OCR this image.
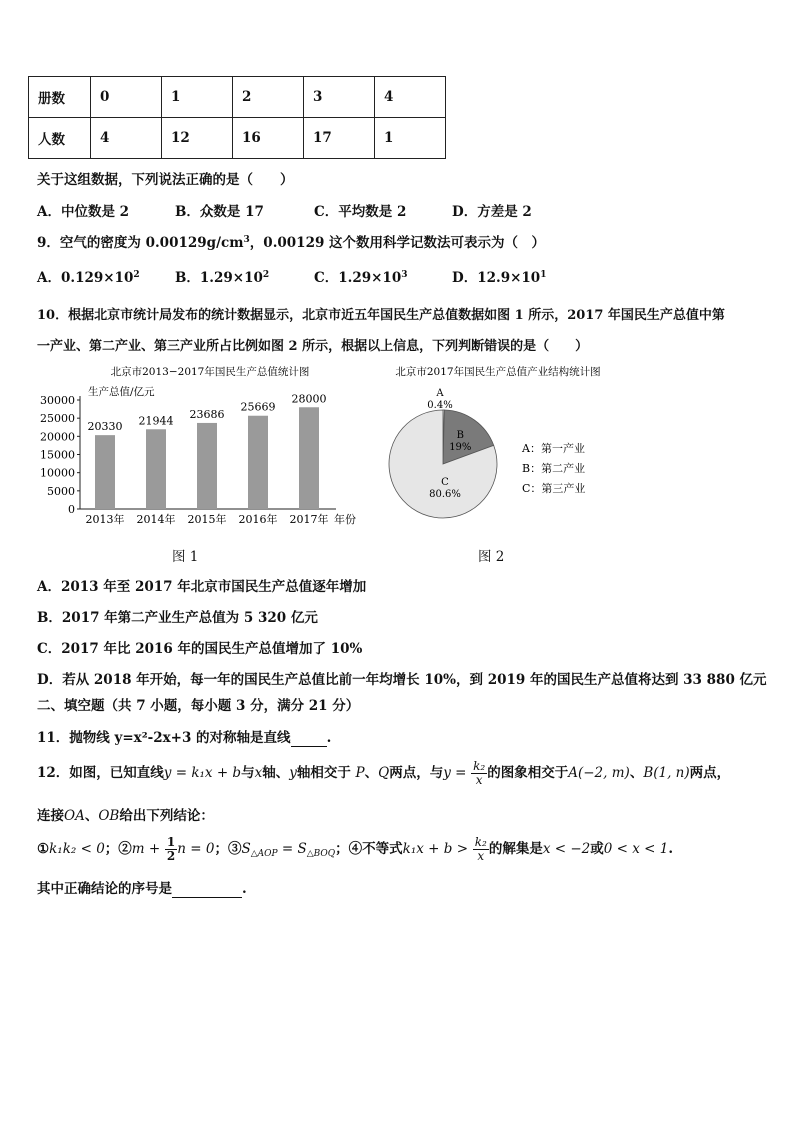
册数	0	1	2	3	4
人数	4	12	16	17	1
关于这组数据，下列说法正确的是（　　）
A．中位数是 2	B．众数是 17	C．平均数是 2	D．方差是 2
9．空气的密度为 $0.00129g/cm^3$，0.00129 这个数用科学记数法可表示为（　）
A．$0.129\times 10^2$	B．$1.29\times 10^2$	C．$1.29\times 10^3$	D．$12.9\times 10^1$
10．根据北京市统计局发布的统计数据显示，北京市近五年国民生产总值数据如图 1 所示，2017 年国民生产总值中第
一产业、第二产业、第三产业所占比例如图 2 所示，根据以上信息，下列判断错误的是（　　）
北京市2013−2017年国民生产总值统计图
生产总值/亿元
0
5000
10000
15000
20000
25000
30000
20330
2013年
21944
2014年
23686
2015年
25669
2016年
28000
2017年 年份
图 1
北京市2017年国民生产总值产业结构统计图
A
0.4%
B
19%
C
80.6%
A：第一产业
B：第二产业
C：第三产业
图 2
A．2013 年至 2017 年北京市国民生产总值逐年增加
B．2017 年第二产业生产总值为 5 320 亿元
C．2017 年比 2016 年的国民生产总值增加了 10%
D．若从 2018 年开始，每一年的国民生产总值比前一年均增长 10%，到 2019 年的国民生产总值将达到 33 880 亿元
二、填空题（共 7 小题，每小题 3 分，满分 21 分）
11．抛物线 y=x²-2x+3 的对称轴是直线	.
12．如图，已知直线y = k₁x + b与x轴、y轴相交于 P、Q两点，与$y = \frac{\text{k₂}}{x}$ 的图象相交于A(−2, m)、B(1, n)两点，
连接OA、OB给出下列结论：
①k₁k₂ < 0；②m + $\frac{1}{2}$ n = 0；$③S_{\triangle AOP} = S_{\triangle BOQ}$；④不等式$k_1x + b > \frac{\text{k₂}}{x}$ 的解集是x < −2或0 < x < 1.
其中正确结论的序号是	.
